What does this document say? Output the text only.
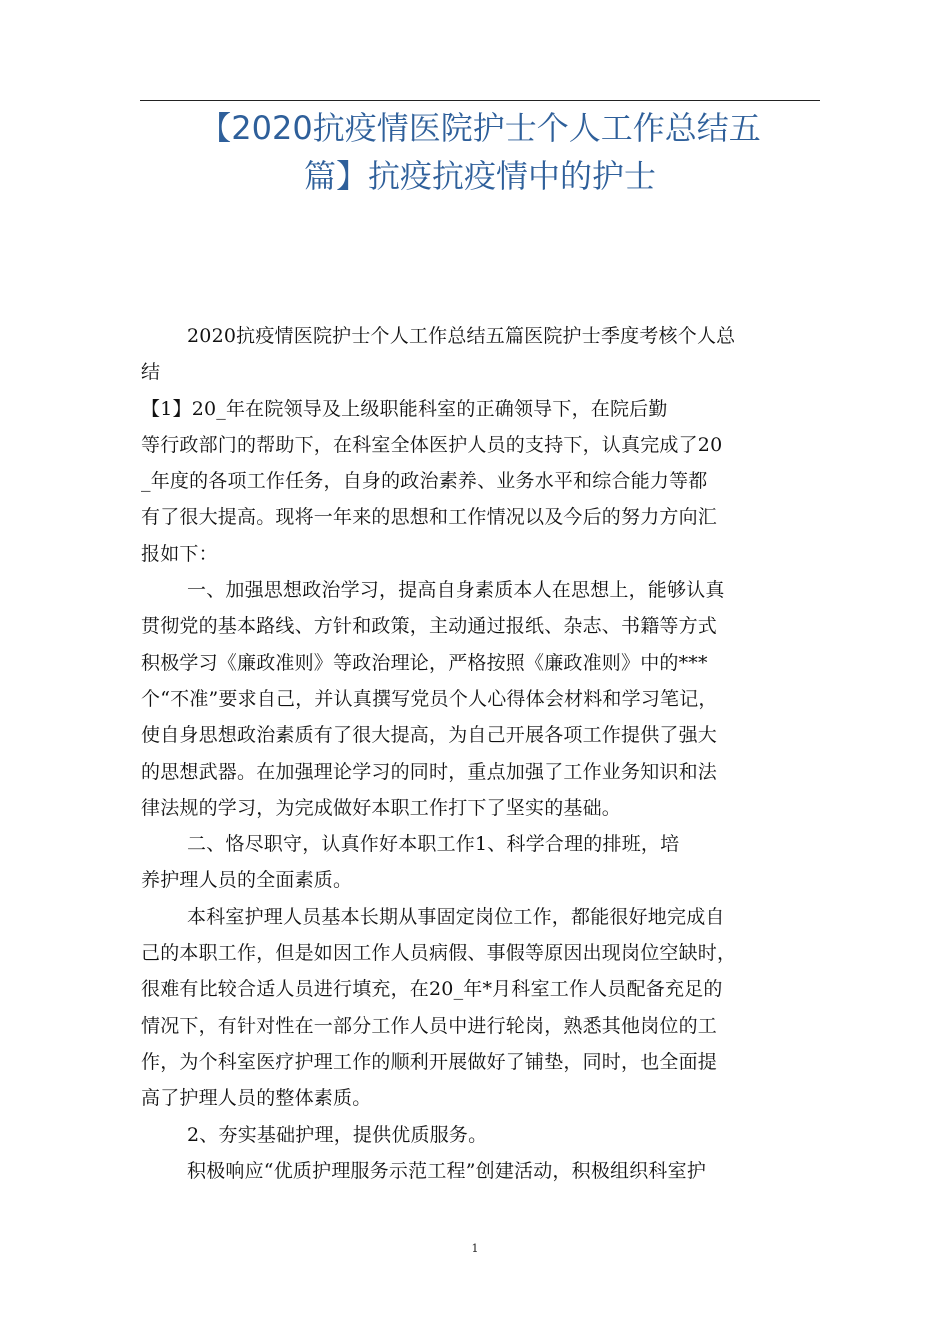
【2020抗疫情医院护士个人工作总结五
篇】抗疫抗疫情中的护士
2020抗疫情医院护士个人工作总结五篇医院护士季度考核个人总
结
【1】20_年在院领导及上级职能科室的正确领导下，在院后勤
等行政部门的帮助下，在科室全体医护人员的支持下，认真完成了20
_年度的各项工作任务，自身的政治素养、业务水平和综合能力等都
有了很大提高。现将一年来的思想和工作情况以及今后的努力方向汇
报如下：
一、加强思想政治学习，提高自身素质本人在思想上，能够认真
贯彻党的基本路线、方针和政策，主动通过报纸、杂志、书籍等方式
积极学习《廉政准则》等政治理论，严格按照《廉政准则》中的***
个“不准”要求自己，并认真撰写党员个人心得体会材料和学习笔记，
使自身思想政治素质有了很大提高，为自己开展各项工作提供了强大
的思想武器。在加强理论学习的同时，重点加强了工作业务知识和法
律法规的学习，为完成做好本职工作打下了坚实的基础。
二、恪尽职守，认真作好本职工作1、科学合理的排班，培
养护理人员的全面素质。
本科室护理人员基本长期从事固定岗位工作，都能很好地完成自
己的本职工作，但是如因工作人员病假、事假等原因出现岗位空缺时，
很难有比较合适人员进行填充，在20_年*月科室工作人员配备充足的
情况下，有针对性在一部分工作人员中进行轮岗，熟悉其他岗位的工
作，为个科室医疗护理工作的顺利开展做好了铺垫，同时，也全面提
高了护理人员的整体素质。
2、夯实基础护理，提供优质服务。
积极响应“优质护理服务示范工程”创建活动，积极组织科室护
1
